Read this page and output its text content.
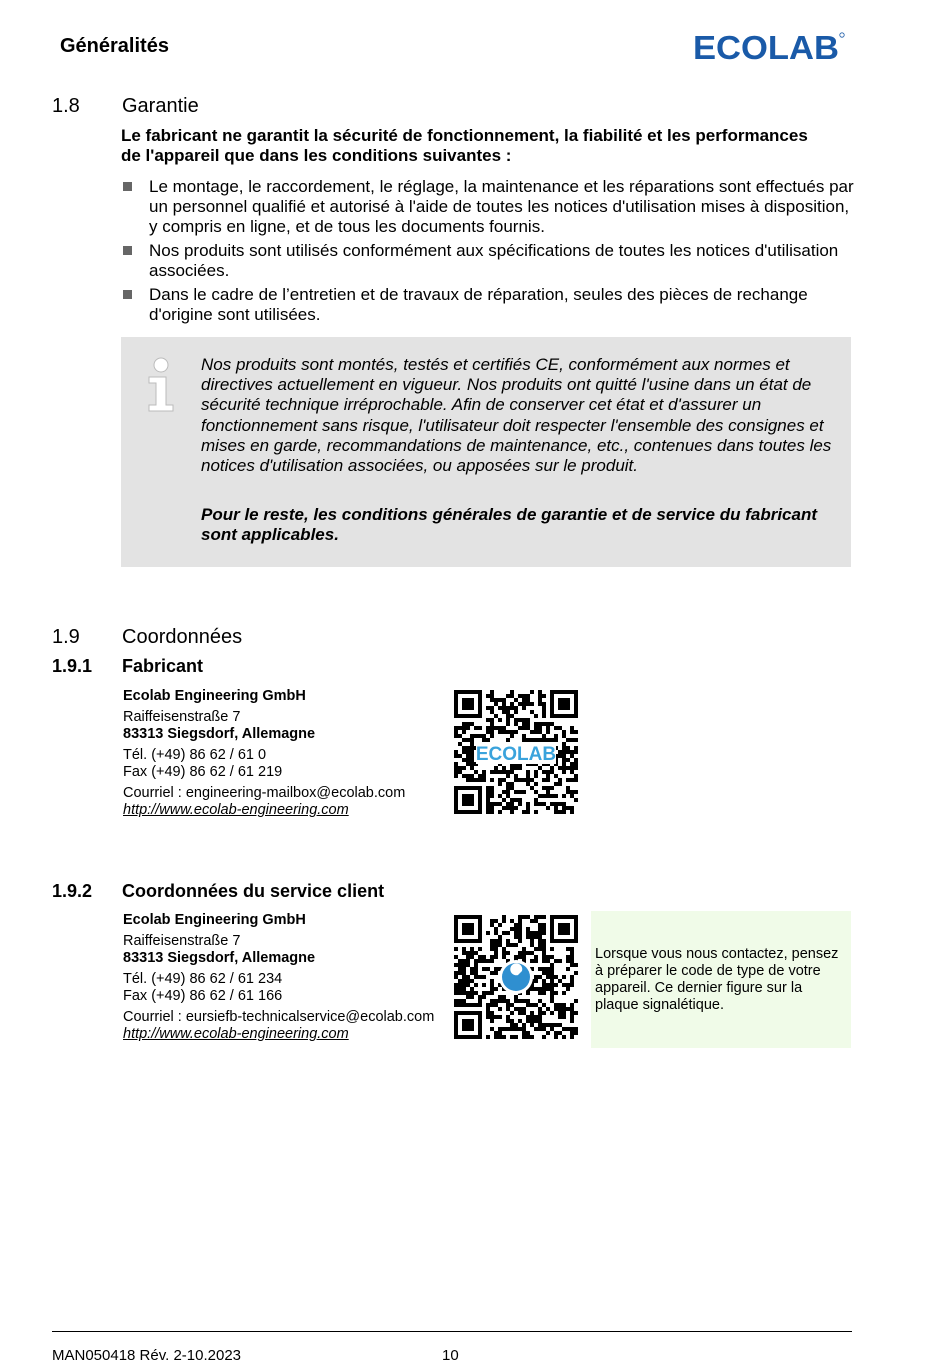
Généralités	ECOLAB
1.8 Garantie
Le fabricant ne garantit la sécurité de fonctionnement, la fiabilité et les performances de l'appareil que dans les conditions suivantes :
Le montage, le raccordement, le réglage, la maintenance et les réparations sont effectués par un personnel qualifié et autorisé à l'aide de toutes les notices d'utilisation mises à disposition, y compris en ligne, et de tous les documents fournis.
Nos produits sont utilisés conformément aux spécifications de toutes les notices d'utilisation associées.
Dans le cadre de l’entretien et de travaux de réparation, seules des pièces de rechange d'origine sont utilisées.
Nos produits sont montés, testés et certifiés CE, conformément aux normes et directives actuellement en vigueur. Nos produits ont quitté l'usine dans un état de sécurité technique irréprochable. Afin de conserver cet état et d'assurer un fonctionnement sans risque, l'utilisateur doit respecter l'ensemble des consignes et mises en garde, recommandations de maintenance, etc., contenues dans toutes les notices d'utilisation associées, ou apposées sur le produit.
Pour le reste, les conditions générales de garantie et de service du fabricant sont applicables.
1.9 Coordonnées
1.9.1 Fabricant
Ecolab Engineering GmbH
Raiffeisenstraße 7
83313 Siegsdorf, Allemagne
Tél. (+49) 86 62 / 61 0
Fax (+49) 86 62 / 61 219
Courriel : engineering-mailbox@ecolab.com
http://www.ecolab-engineering.com
ECOLAB
1.9.2 Coordonnées du service client
Ecolab Engineering GmbH
Raiffeisenstraße 7
83313 Siegsdorf, Allemagne
Tél. (+49) 86 62 / 61 234
Fax (+49) 86 62 / 61 166
Courriel : eursiefb-technicalservice@ecolab.com
http://www.ecolab-engineering.com
Lorsque vous nous contactez, pensez à préparer le code de type de votre appareil. Ce dernier figure sur la plaque signalétique.
MAN050418 Rév. 2-10.2023	10
